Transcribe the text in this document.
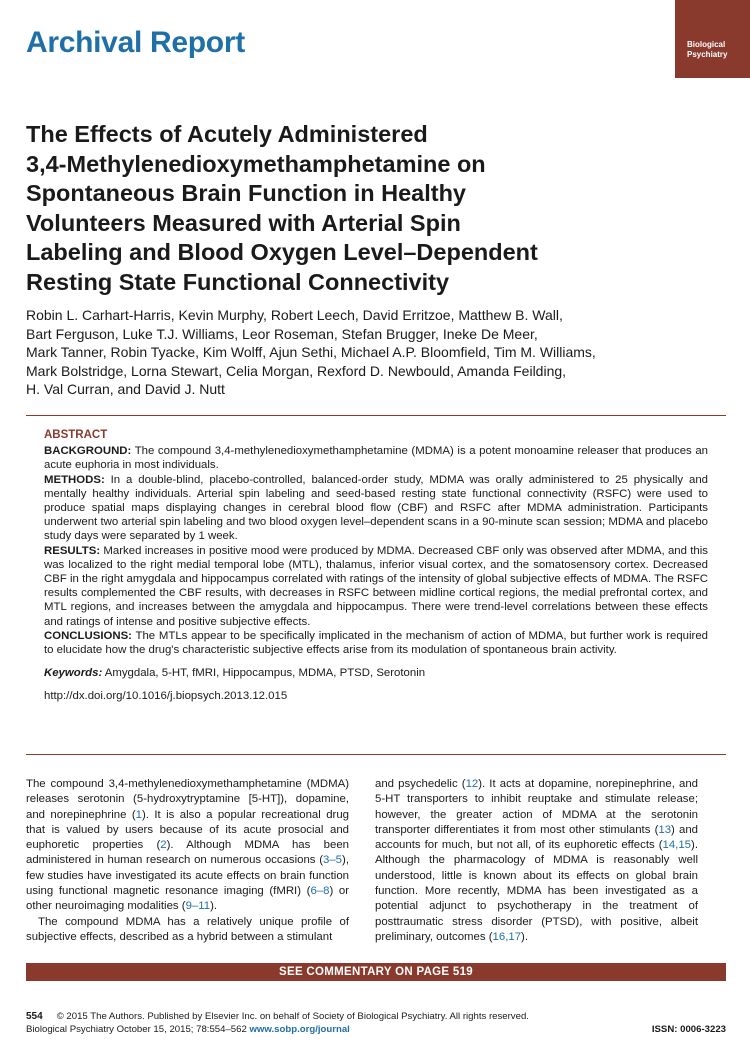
Archival Report	Biological
Psychiatry
The Effects of Acutely Administered
3,4-Methylenedioxymethamphetamine on
Spontaneous Brain Function in Healthy
Volunteers Measured with Arterial Spin
Labeling and Blood Oxygen Level–Dependent
Resting State Functional Connectivity
Robin L. Carhart-Harris, Kevin Murphy, Robert Leech, David Erritzoe, Matthew B. Wall,
Bart Ferguson, Luke T.J. Williams, Leor Roseman, Stefan Brugger, Ineke De Meer,
Mark Tanner, Robin Tyacke, Kim Wolff, Ajun Sethi, Michael A.P. Bloomfield, Tim M. Williams,
Mark Bolstridge, Lorna Stewart, Celia Morgan, Rexford D. Newbould, Amanda Feilding,
H. Val Curran, and David J. Nutt
ABSTRACT

BACKGROUND: The compound 3,4-methylenedioxymethamphetamine (MDMA) is a potent monoamine releaser that produces an acute euphoria in most individuals.

METHODS: In a double-blind, placebo-controlled, balanced-order study, MDMA was orally administered to 25 physically and mentally healthy individuals. Arterial spin labeling and seed-based resting state functional connectivity (RSFC) were used to produce spatial maps displaying changes in cerebral blood flow (CBF) and RSFC after MDMA administration. Participants underwent two arterial spin labeling and two blood oxygen level–dependent scans in a 90-minute scan session; MDMA and placebo study days were separated by 1 week.

RESULTS: Marked increases in positive mood were produced by MDMA. Decreased CBF only was observed after MDMA, and this was localized to the right medial temporal lobe (MTL), thalamus, inferior visual cortex, and the somatosensory cortex. Decreased CBF in the right amygdala and hippocampus correlated with ratings of the intensity of global subjective effects of MDMA. The RSFC results complemented the CBF results, with decreases in RSFC between midline cortical regions, the medial prefrontal cortex, and MTL regions, and increases between the amygdala and hippocampus. There were trend-level correlations between these effects and ratings of intense and positive subjective effects.

CONCLUSIONS: The MTLs appear to be specifically implicated in the mechanism of action of MDMA, but further work is required to elucidate how the drug's characteristic subjective effects arise from its modulation of spontaneous brain activity.

Keywords: Amygdala, 5-HT, fMRI, Hippocampus, MDMA, PTSD, Serotonin

http://dx.doi.org/10.1016/j.biopsych.2013.12.015

The compound 3,4-methylenedioxymethamphetamine (MDMA) releases serotonin (5-hydroxytryptamine [5-HT]), dopamine, and norepinephrine (1). It is also a popular recreational drug that is valued by users because of its acute prosocial and euphoretic properties (2). Although MDMA has been administered in human research on numerous occasions (3–5), few studies have investigated its acute effects on brain function using functional magnetic resonance imaging (fMRI) (6–8) or other neuroimaging modalities (9–11).

The compound MDMA has a relatively unique profile of subjective effects, described as a hybrid between a stimulant

and psychedelic (12). It acts at dopamine, norepinephrine, and 5-HT transporters to inhibit reuptake and stimulate release; however, the greater action of MDMA at the serotonin transporter differentiates it from most other stimulants (13) and accounts for much, but not all, of its euphoretic effects (14,15). Although the pharmacology of MDMA is reasonably well understood, little is known about its effects on global brain function. More recently, MDMA has been investigated as a potential adjunct to psychotherapy in the treatment of posttraumatic stress disorder (PTSD), with positive, albeit preliminary, outcomes (16,17).

SEE COMMENTARY ON PAGE 519
554 © 2015 The Authors. Published by Elsevier Inc. on behalf of Society of Biological Psychiatry. All rights reserved.
Biological Psychiatry October 15, 2015; 78:554–562 www.sobp.org/journal	ISSN: 0006-3223
